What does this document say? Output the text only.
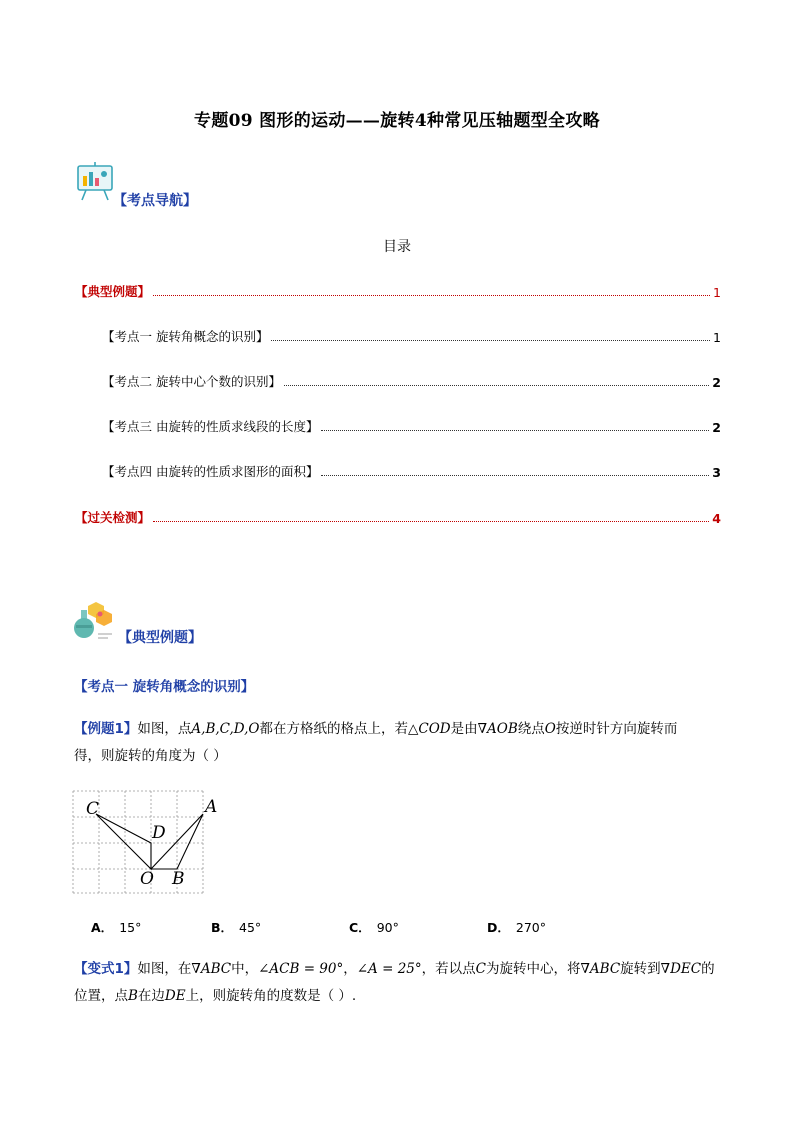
专题09 图形的运动——旋转4种常见压轴题型全攻略
【考点导航】
目录
【典型例题】	1
【考点一 旋转角概念的识别】	1
【考点二 旋转中心个数的识别】	2
【考点三 由旋转的性质求线段的长度】	2
【考点四 由旋转的性质求图形的面积】	3
【过关检测】	4
【典型例题】
【考点一 旋转角概念的识别】
【例题1】如图，点A,B,C,D,O都在方格纸的格点上，若△COD是由∇AOB绕点O按逆时针方向旋转而
得，则旋转的角度为（ ）
C
D
A
O B
A． 15°	B． 45°	C． 90°	D． 270°
【变式1】如图，在∇ABC中，∠ACB = 90°，∠A = 25°，若以点C为旋转中心，将∇ABC旋转到∇DEC的
位置，点B在边DE上，则旋转角的度数是（ ）.
